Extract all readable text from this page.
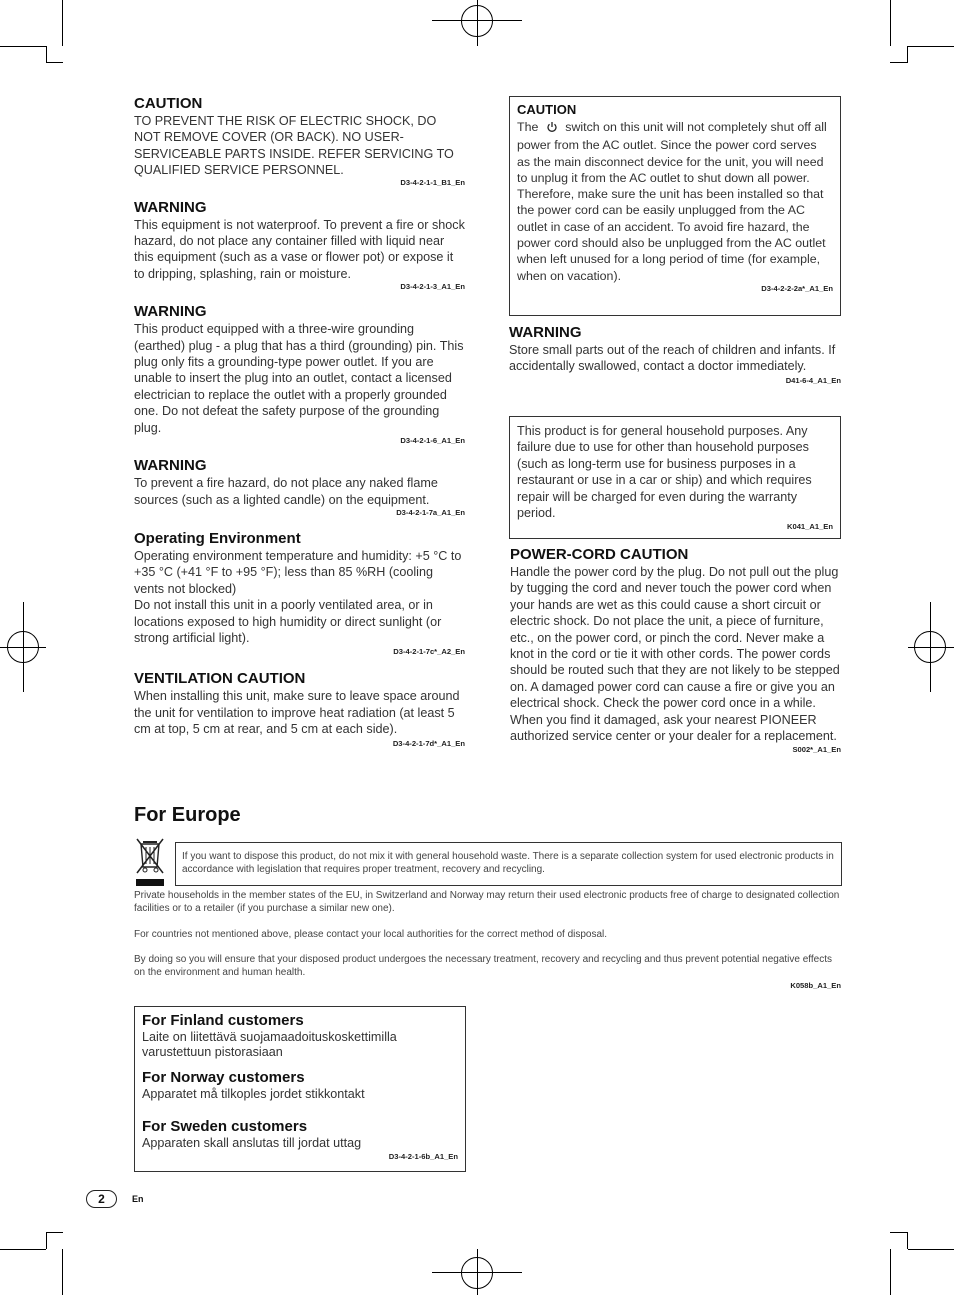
CAUTION

TO PREVENT THE RISK OF ELECTRIC SHOCK, DO NOT REMOVE COVER (OR BACK). NO USER-SERVICEABLE PARTS INSIDE. REFER SERVICING TO QUALIFIED SERVICE PERSONNEL.

D3-4-2-1-1_B1_En
WARNING

This equipment is not waterproof. To prevent a fire or shock hazard, do not place any container filled with liquid near this equipment (such as a vase or flower pot) or expose it to dripping, splashing, rain or moisture.

D3-4-2-1-3_A1_En
WARNING

This product equipped with a three-wire grounding (earthed) plug - a plug that has a third (grounding) pin. This plug only fits a grounding-type power outlet. If you are unable to insert the plug into an outlet, contact a licensed electrician to replace the outlet with a properly grounded one. Do not defeat the safety purpose of the grounding plug.

D3-4-2-1-6_A1_En
WARNING

To prevent a fire hazard, do not place any naked flame sources (such as a lighted candle) on the equipment.

D3-4-2-1-7a_A1_En
Operating Environment

Operating environment temperature and humidity: +5 °C to +35 °C (+41 °F to +95 °F); less than 85 %RH (cooling vents not blocked)

Do not install this unit in a poorly ventilated area, or in locations exposed to high humidity or direct sunlight (or strong artificial light).

D3-4-2-1-7c*_A2_En
VENTILATION CAUTION

When installing this unit, make sure to leave space around the unit for ventilation to improve heat radiation (at least 5 cm at top, 5 cm at rear, and 5 cm at each side).

D3-4-2-1-7d*_A1_En
CAUTION

The switch on this unit will not completely shut off all power from the AC outlet. Since the power cord serves as the main disconnect device for the unit, you will need to unplug it from the AC outlet to shut down all power. Therefore, make sure the unit has been installed so that the power cord can be easily unplugged from the AC outlet in case of an accident. To avoid fire hazard, the power cord should also be unplugged from the AC outlet when left unused for a long period of time (for example, when on vacation).

D3-4-2-2-2a*_A1_En
WARNING

Store small parts out of the reach of children and infants. If accidentally swallowed, contact a doctor immediately.

D41-6-4_A1_En

This product is for general household purposes. Any failure due to use for other than household purposes (such as long-term use for business purposes in a restaurant or use in a car or ship) and which requires repair will be charged for even during the warranty period.

K041_A1_En
POWER-CORD CAUTION

Handle the power cord by the plug. Do not pull out the plug by tugging the cord and never touch the power cord when your hands are wet as this could cause a short circuit or electric shock. Do not place the unit, a piece of furniture, etc., on the power cord, or pinch the cord. Never make a knot in the cord or tie it with other cords. The power cords should be routed such that they are not likely to be stepped on. A damaged power cord can cause a fire or give you an electrical shock. Check the power cord once in a while. When you find it damaged, ask your nearest PIONEER authorized service center or your dealer for a replacement.

S002*_A1_En
For Europe

If you want to dispose this product, do not mix it with general household waste. There is a separate collection system for used electronic products in accordance with legislation that requires proper treatment, recovery and recycling.

Private households in the member states of the EU, in Switzerland and Norway may return their used electronic products free of charge to designated collection facilities or to a retailer (if you purchase a similar new one).

For countries not mentioned above, please contact your local authorities for the correct method of disposal.

By doing so you will ensure that your disposed product undergoes the necessary treatment, recovery and recycling and thus prevent potential negative effects on the environment and human health.

K058b_A1_En
For Finland customers

Laite on liitettävä suojamaadoituskoskettimilla varustettuun pistorasiaan

For Norway customers

Apparatet må tilkoples jordet stikkontakt

For Sweden customers

Apparaten skall anslutas till jordat uttag

D3-4-2-1-6b_A1_En
2	En
